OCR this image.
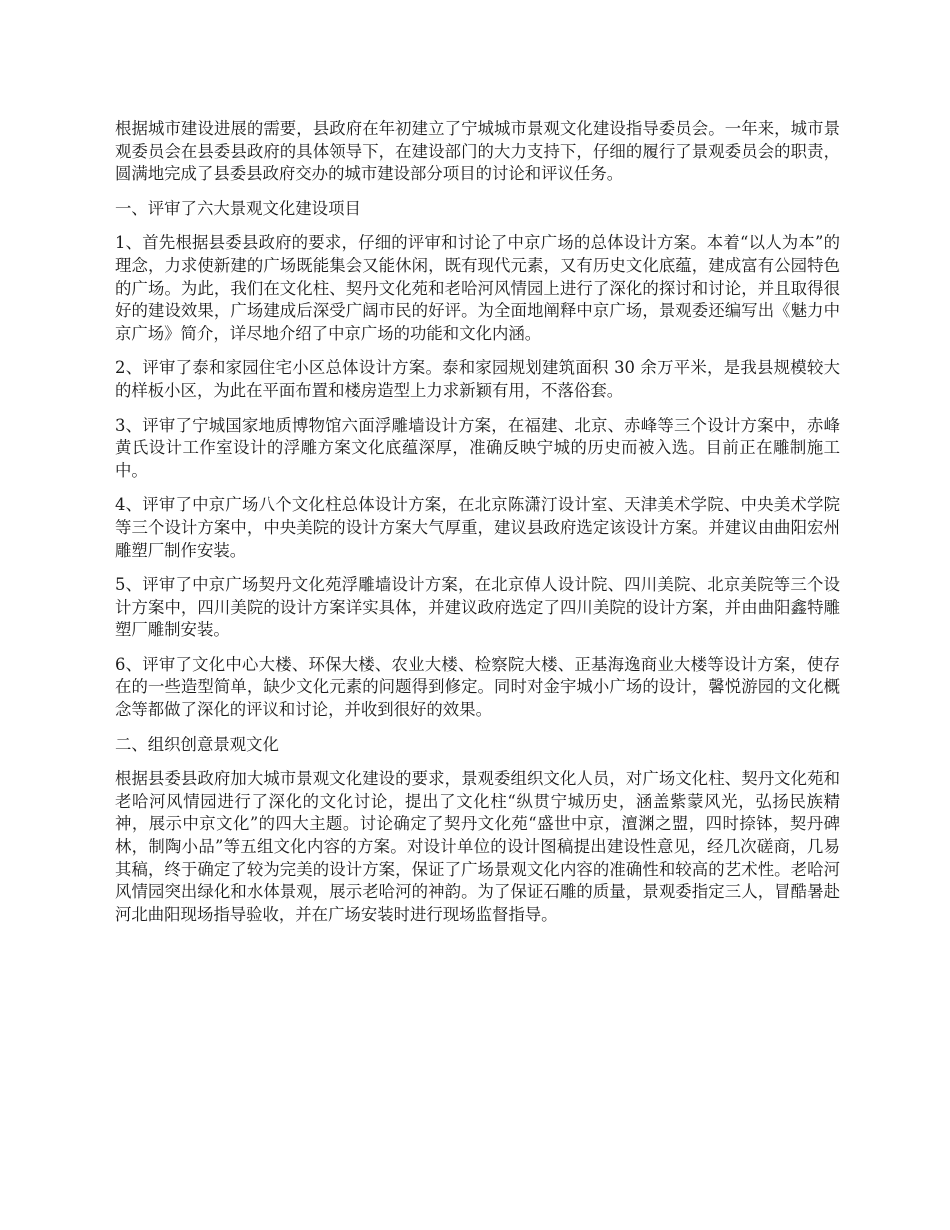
根据城市建设进展的需要，县政府在年初建立了宁城城市景观文化建设指导委员会。一年来，城市景观委员会在县委县政府的具体领导下，在建设部门的大力支持下，仔细的履行了景观委员会的职责，圆满地完成了县委县政府交办的城市建设部分项目的讨论和评议任务。

一、评审了六大景观文化建设项目

1、首先根据县委县政府的要求，仔细的评审和讨论了中京广场的总体设计方案。本着“以人为本”的理念，力求使新建的广场既能集会又能休闲，既有现代元素，又有历史文化底蕴，建成富有公园特色的广场。为此，我们在文化柱、契丹文化苑和老哈河风情园上进行了深化的探讨和讨论，并且取得很好的建设效果，广场建成后深受广阔市民的好评。为全面地阐释中京广场，景观委还编写出《魅力中京广场》简介，详尽地介绍了中京广场的功能和文化内涵。

2、评审了泰和家园住宅小区总体设计方案。泰和家园规划建筑面积 30 余万平米，是我县规模较大的样板小区，为此在平面布置和楼房造型上力求新颖有用，不落俗套。

3、评审了宁城国家地质博物馆六面浮雕墙设计方案，在福建、北京、赤峰等三个设计方案中，赤峰黄氏设计工作室设计的浮雕方案文化底蕴深厚，准确反映宁城的历史而被入选。目前正在雕制施工中。

4、评审了中京广场八个文化柱总体设计方案，在北京陈潇汀设计室、天津美术学院、中央美术学院等三个设计方案中，中央美院的设计方案大气厚重，建议县政府选定该设计方案。并建议由曲阳宏州雕塑厂制作安装。

5、评审了中京广场契丹文化苑浮雕墙设计方案，在北京倬人设计院、四川美院、北京美院等三个设计方案中，四川美院的设计方案详实具体，并建议政府选定了四川美院的设计方案，并由曲阳鑫特雕塑厂雕制安装。

6、评审了文化中心大楼、环保大楼、农业大楼、检察院大楼、正基海逸商业大楼等设计方案，使存在的一些造型简单，缺少文化元素的问题得到修定。同时对金宇城小广场的设计，馨悦游园的文化概念等都做了深化的评议和讨论，并收到很好的效果。

二、组织创意景观文化

根据县委县政府加大城市景观文化建设的要求，景观委组织文化人员，对广场文化柱、契丹文化苑和老哈河风情园进行了深化的文化讨论，提出了文化柱“纵贯宁城历史，涵盖紫蒙风光，弘扬民族精神，展示中京文化”的四大主题。讨论确定了契丹文化苑“盛世中京，澶渊之盟，四时捺钵，契丹碑林，制陶小品”等五组文化内容的方案。对设计单位的设计图稿提出建设性意见，经几次磋商，几易其稿，终于确定了较为完美的设计方案，保证了广场景观文化内容的准确性和较高的艺术性。老哈河风情园突出绿化和水体景观，展示老哈河的神韵。为了保证石雕的质量，景观委指定三人，冒酷暑赴河北曲阳现场指导验收，并在广场安装时进行现场监督指导。
